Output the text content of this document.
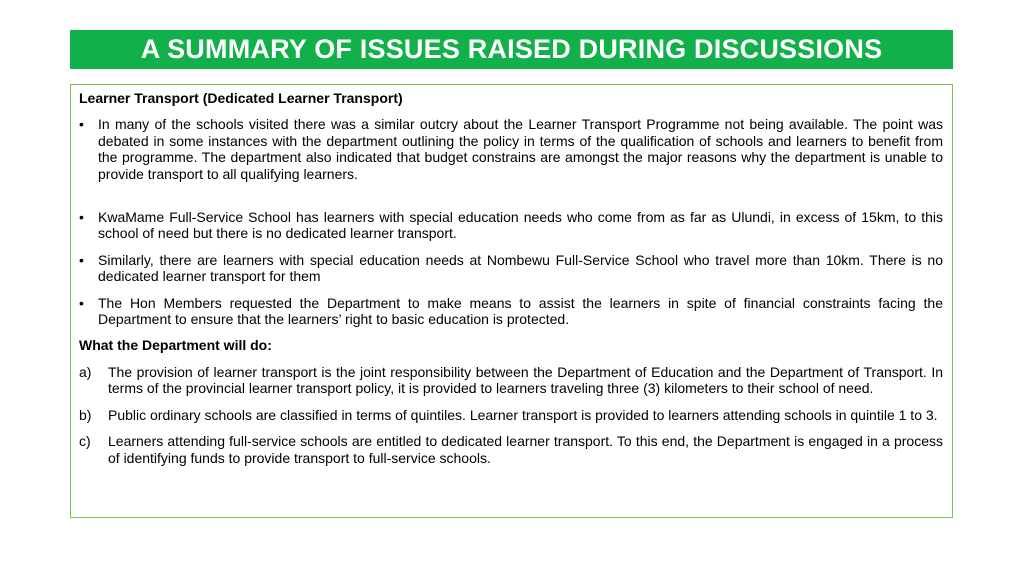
A SUMMARY OF ISSUES RAISED DURING DISCUSSIONS

Learner Transport (Dedicated Learner Transport)

• In many of the schools visited there was a similar outcry about the Learner Transport Programme not being available. The point was debated in some instances with the department outlining the policy in terms of the qualification of schools and learners to benefit from the programme. The department also indicated that budget constrains are amongst the major reasons why the department is unable to provide transport to all qualifying learners.
• KwaMame Full-Service School has learners with special education needs who come from as far as Ulundi, in excess of 15km, to this school of need but there is no dedicated learner transport.
• Similarly, there are learners with special education needs at Nombewu Full-Service School who travel more than 10km. There is no dedicated learner transport for them
• The Hon Members requested the Department to make means to assist the learners in spite of financial constraints facing the Department to ensure that the learners’ right to basic education is protected.

What the Department will do:

a) The provision of learner transport is the joint responsibility between the Department of Education and the Department of Transport. In terms of the provincial learner transport policy, it is provided to learners traveling three (3) kilometers to their school of need.
b) Public ordinary schools are classified in terms of quintiles. Learner transport is provided to learners attending schools in quintile 1 to 3.
c) Learners attending full-service schools are entitled to dedicated learner transport. To this end, the Department is engaged in a process of identifying funds to provide transport to full-service schools.
